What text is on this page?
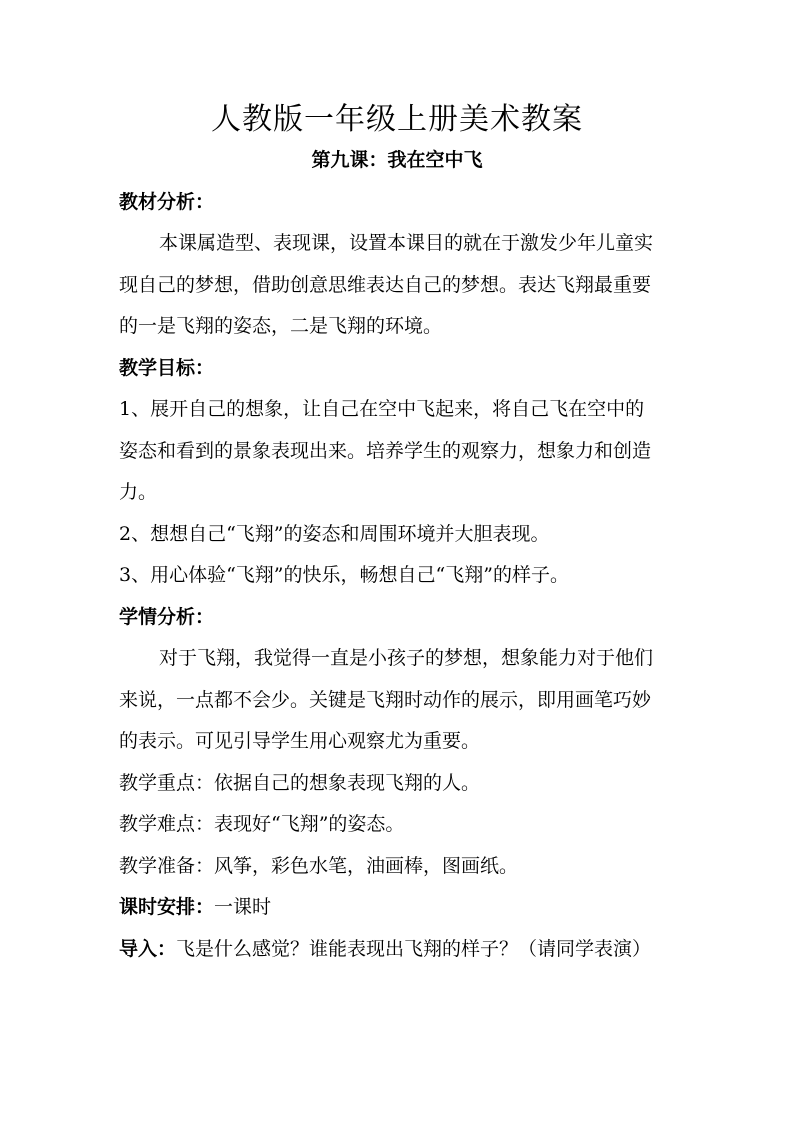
人教版一年级上册美术教案
第九课：我在空中飞
教材分析：
本课属造型、表现课，设置本课目的就在于激发少年儿童实
现自己的梦想，借助创意思维表达自己的梦想。表达飞翔最重要
的一是飞翔的姿态，二是飞翔的环境。
教学目标：
1、展开自己的想象，让自己在空中飞起来，将自己飞在空中的
姿态和看到的景象表现出来。培养学生的观察力，想象力和创造
力。
2、想想自己“飞翔”的姿态和周围环境并大胆表现。
3、用心体验“飞翔”的快乐，畅想自己“飞翔”的样子。
学情分析：
对于飞翔，我觉得一直是小孩子的梦想，想象能力对于他们
来说，一点都不会少。关键是飞翔时动作的展示，即用画笔巧妙
的表示。可见引导学生用心观察尤为重要。
教学重点：依据自己的想象表现飞翔的人。
教学难点：表现好“飞翔”的姿态。
教学准备：风筝，彩色水笔，油画棒，图画纸。
课时安排：一课时
导入：飞是什么感觉？谁能表现出飞翔的样子？（请同学表演）
